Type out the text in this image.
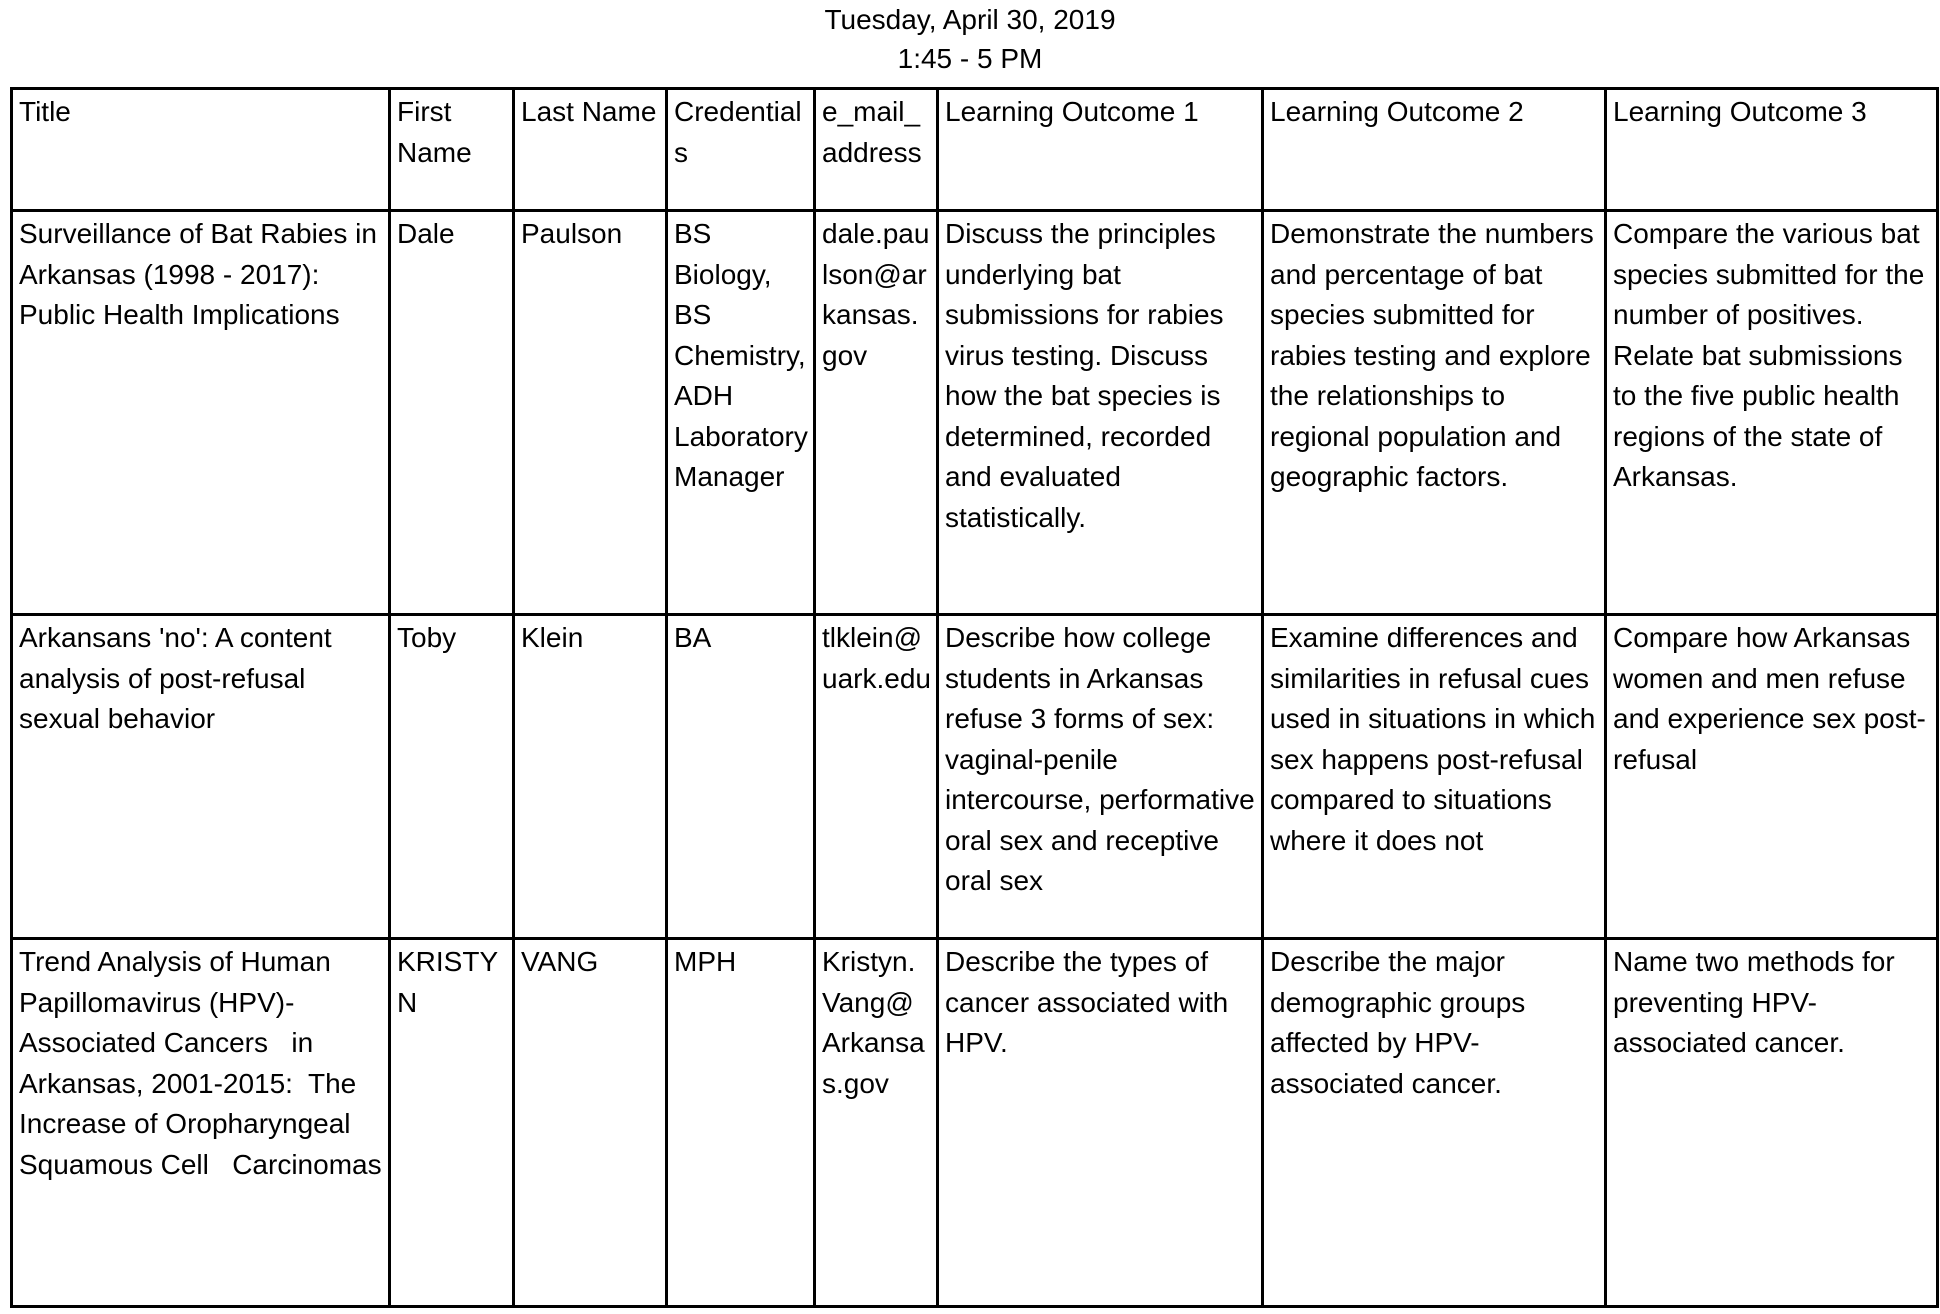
Tuesday, April 30, 2019
1:45 - 5 PM
Title	First Name	Last Name	Credentials	e_mail_ address	Learning Outcome 1	Learning Outcome 2	Learning Outcome 3
Surveillance of Bat Rabies in Arkansas (1998 - 2017): Public Health Implications	Dale	Paulson	BS Biology, BS Chemistry, ADH Laboratory Manager	dale.paulson@arkansas.gov	Discuss the principles underlying bat submissions for rabies virus testing. Discuss how the bat species is determined, recorded and evaluated statistically.	Demonstrate the numbers and percentage of bat species submitted for rabies testing and explore the relationships to regional population and geographic factors.	Compare the various bat species submitted for the number of positives. Relate bat submissions to the five public health regions of the state of Arkansas.
Arkansans 'no': A content analysis of post-refusal sexual behavior	Toby	Klein	BA	tlklein@uark.edu	Describe how college students in Arkansas refuse 3 forms of sex: vaginal-penile intercourse, performative oral sex and receptive oral sex	Examine differences and similarities in refusal cues used in situations in which sex happens post-refusal compared to situations where it does not	Compare how Arkansas women and men refuse and experience sex post-refusal
Trend Analysis of Human Papillomavirus (HPV)-Associated Cancers   in Arkansas, 2001-2015:  The Increase of Oropharyngeal Squamous Cell   Carcinomas	KRISTYN	VANG	MPH	Kristyn.Vang@Arkansas.gov	Describe the types of cancer associated with HPV.	Describe the major demographic groups affected by HPV-associated cancer.	Name two methods for preventing HPV-associated cancer.
